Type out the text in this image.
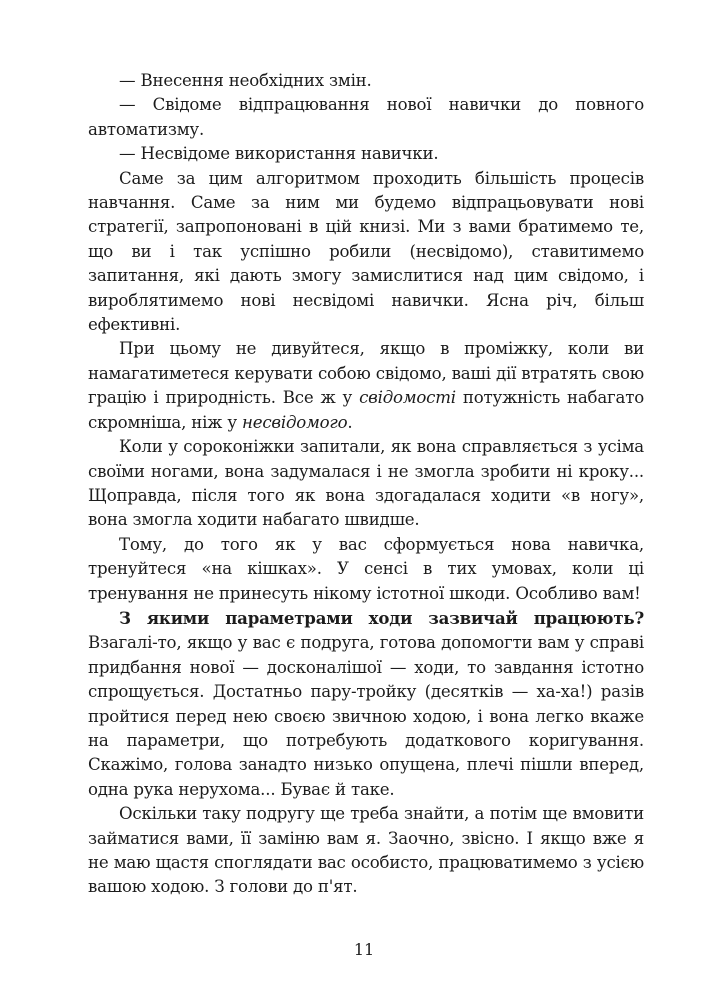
— Внесення необхідних змін.

— Свідоме відпрацювання нової навички до повного автоматизму.

— Несвідоме використання навички.

Саме за цим алгоритмом проходить більшість процесів навчання. Саме за ним ми будемо відпрацьовувати нові стратегії, запропоновані в цій книзі. Ми з вами братимемо те, що ви і так успішно робили (несвідомо), ставитимемо запитання, які дають змогу замислитися над цим свідомо, і вироблятимемо нові несвідомі навички. Ясна річ, більш ефективні.

При цьому не дивуйтеся, якщо в проміжку, коли ви намагатиметеся керувати собою свідомо, ваші дії втратять свою грацію і природність. Все ж у свідомості потужність набагато скромніша, ніж у несвідомого.

Коли у сороконіжки запитали, як вона справляється з усіма своїми ногами, вона задумалася і не змогла зробити ні кроку... Щоправда, після того як вона здогадалася ходити «в ногу», вона змогла ходити набагато швидше.

Тому, до того як у вас сформується нова навичка, тренуйтеся «на кішках». У сенсі в тих умовах, коли ці тренування не принесуть нікому істотної шкоди. Особливо вам!

З якими параметрами ходи зазвичай працюють? Взагалі-​то, якщо у вас є подруга, готова допомогти вам у справі придбання нової — досконалішої — ходи, то завдання істотно спрощується. Достатньо пару-тройку (десятків — ха-ха!) разів пройтися перед нею своєю звичною ходою, і вона легко вкаже на параметри, що потребують додаткового коригування. Скажімо, голова занадто низько опущена, плечі пішли вперед, одна рука нерухома... Буває й таке.

Оскільки таку подругу ще треба знайти, а потім ще вмовити займатися вами, її заміню вам я. Заочно, звісно. І якщо вже я не маю щастя споглядати вас особисто, працюватимемо з усією вашою ходою. З голови до п'ят.

11
